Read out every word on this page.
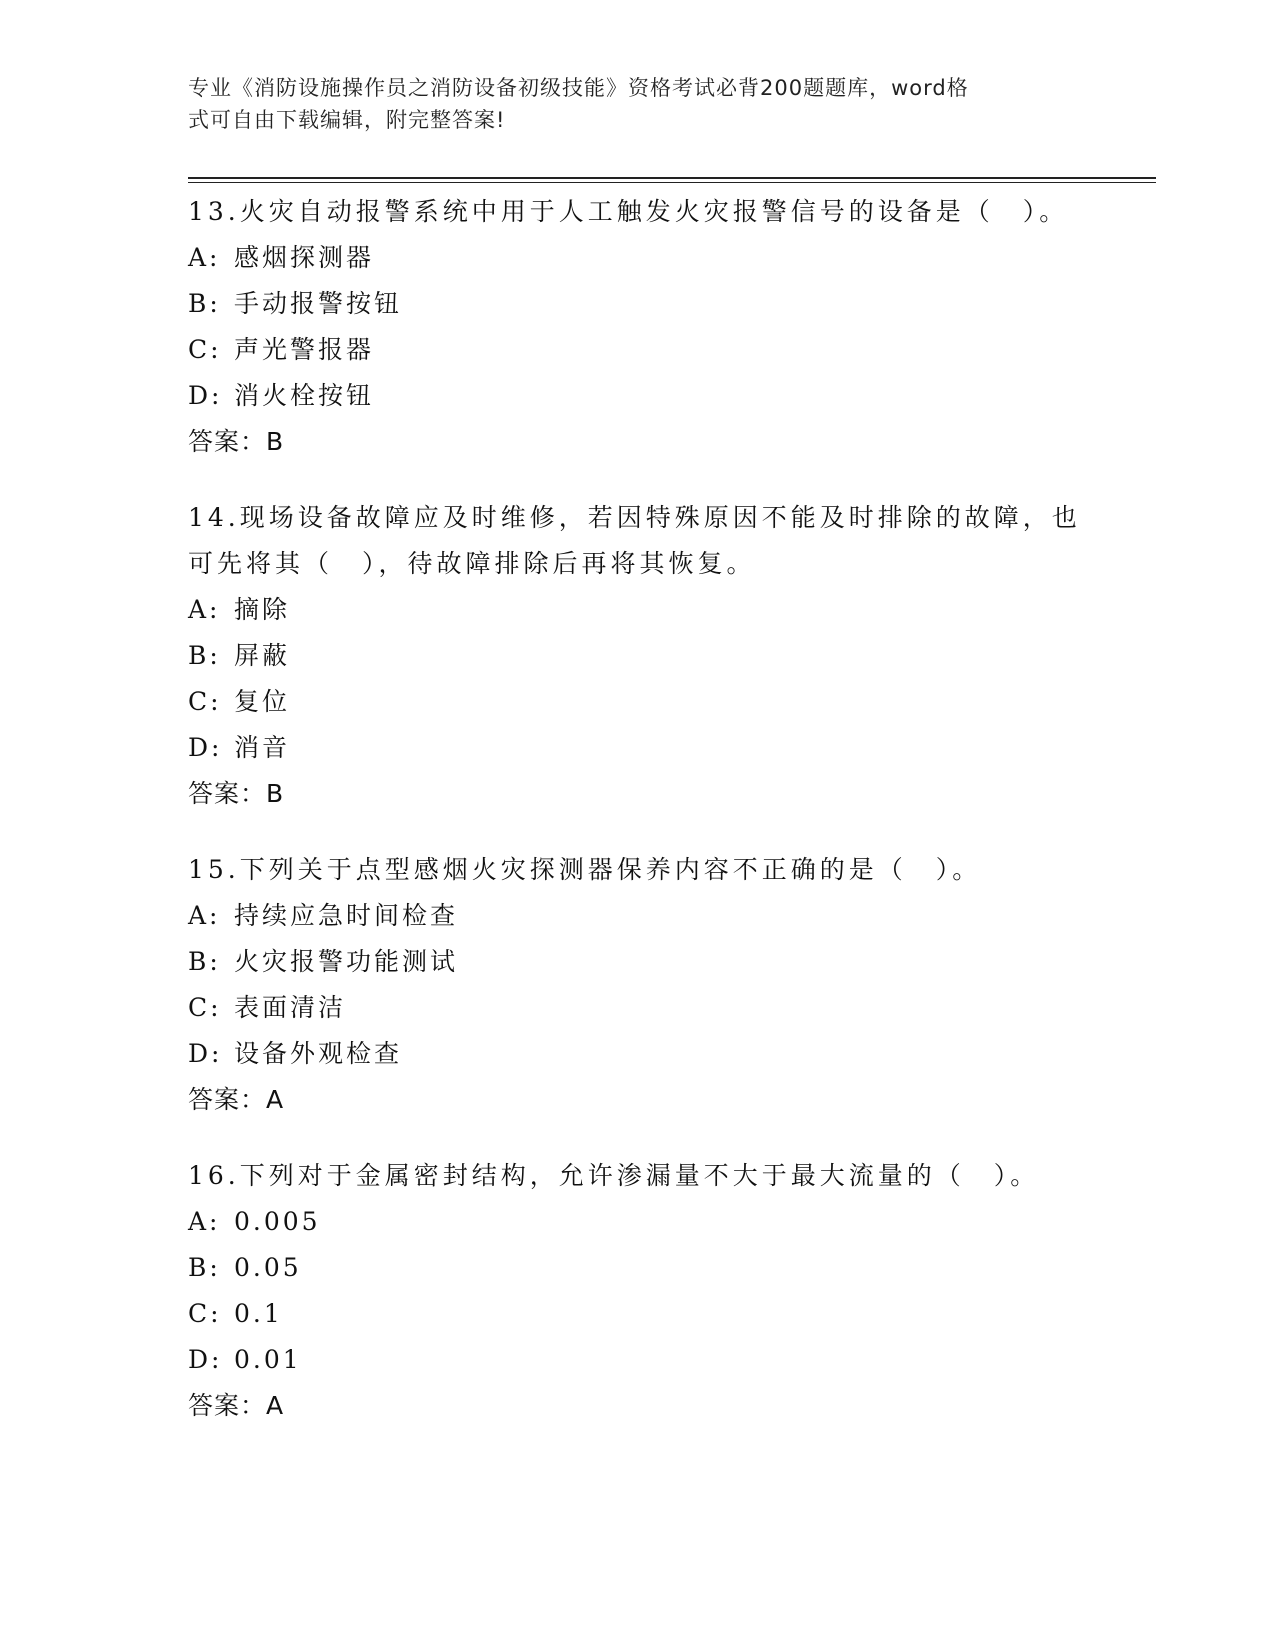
专业《消防设施操作员之消防设备初级技能》资格考试必背200题题库，word格
式可自由下载编辑，附完整答案!

13.火灾自动报警系统中用于人工触发火灾报警信号的设备是（　）。

A: 感烟探测器

B: 手动报警按钮

C: 声光警报器

D: 消火栓按钮

答案：B

14.现场设备故障应及时维修，若因特殊原因不能及时排除的故障，也可先将其（　），待故障排除后再将其恢复。

A: 摘除

B: 屏蔽

C: 复位

D: 消音

答案：B

15.下列关于点型感烟火灾探测器保养内容不正确的是（　）。

A: 持续应急时间检查

B: 火灾报警功能测试

C: 表面清洁

D: 设备外观检查

答案：A

16.下列对于金属密封结构，允许渗漏量不大于最大流量的（　）。

A: 0.005

B: 0.05

C: 0.1

D: 0.01

答案：A
